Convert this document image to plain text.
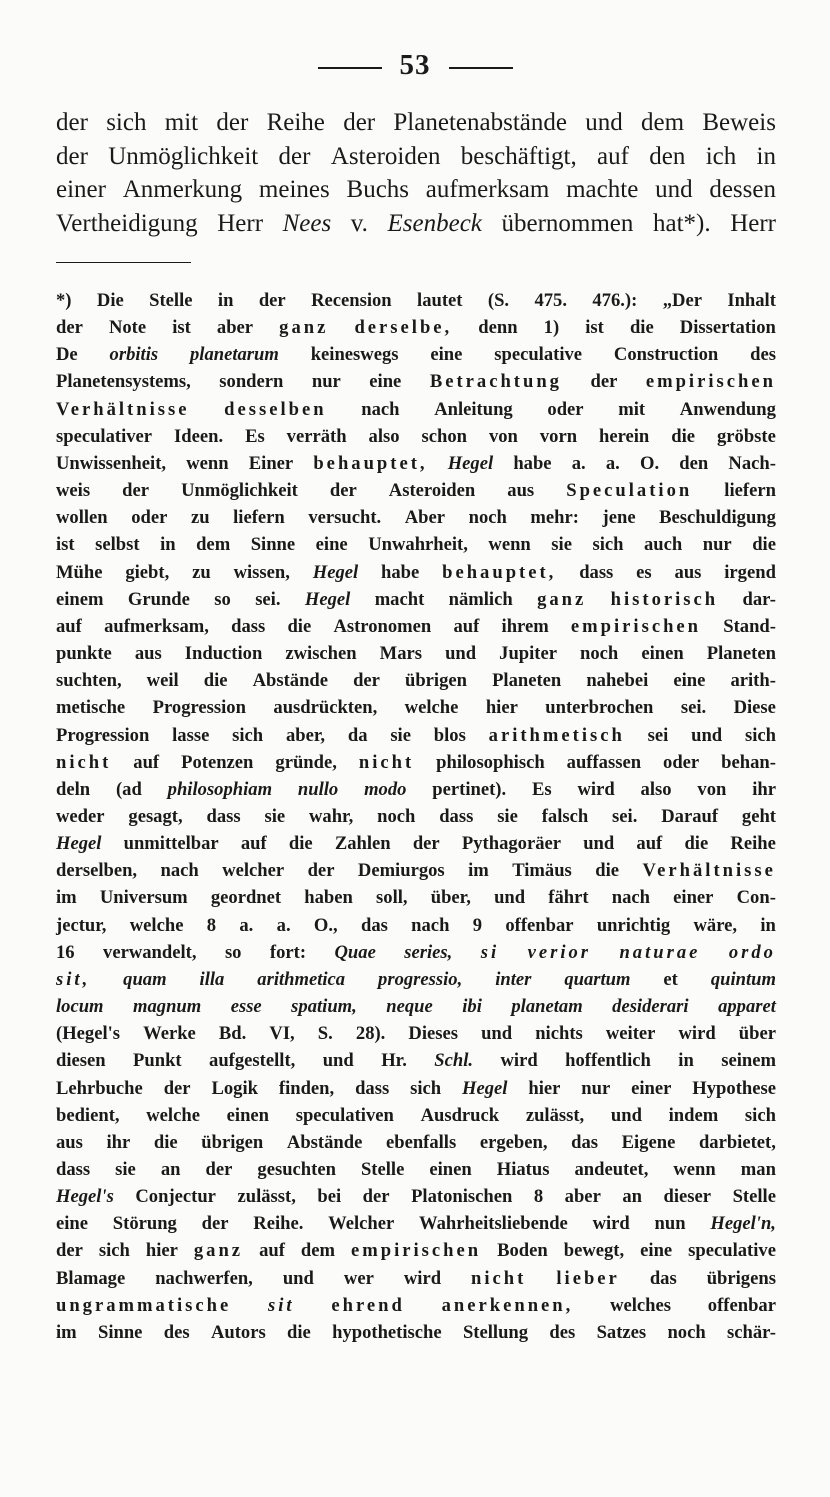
53
der sich mit der Reihe der Planetenabstände und dem Beweis
der Unmöglichkeit der Asteroiden beschäftigt, auf den ich in
einer Anmerkung meines Buchs aufmerksam machte und dessen
Vertheidigung Herr Nees v. Esenbeck übernommen hat*). Herr
*) Die Stelle in der Recension lautet (S. 475. 476.): „Der Inhalt
der Note ist aber ganz derselbe, denn 1) ist die Dissertation
De orbitis planetarum keineswegs eine speculative Construction des
Planetensystems, sondern nur eine Betrachtung der empirischen
Verhältnisse desselben nach Anleitung oder mit Anwendung
speculativer Ideen. Es verräth also schon von vorn herein die gröbste
Unwissenheit, wenn Einer behauptet, Hegel habe a. a. O. den Nach-
weis der Unmöglichkeit der Asteroiden aus Speculation liefern
wollen oder zu liefern versucht. Aber noch mehr: jene Beschuldigung
ist selbst in dem Sinne eine Unwahrheit, wenn sie sich auch nur die
Mühe giebt, zu wissen, Hegel habe behauptet, dass es aus irgend
einem Grunde so sei. Hegel macht nämlich ganz historisch dar-
auf aufmerksam, dass die Astronomen auf ihrem empirischen Stand-
punkte aus Induction zwischen Mars und Jupiter noch einen Planeten
suchten, weil die Abstände der übrigen Planeten nahebei eine arith-
metische Progression ausdrückten, welche hier unterbrochen sei. Diese
Progression lasse sich aber, da sie blos arithmetisch sei und sich
nicht auf Potenzen gründe, nicht philosophisch auffassen oder behan-
deln (ad philosophiam nullo modo pertinet). Es wird also von ihr
weder gesagt, dass sie wahr, noch dass sie falsch sei. Darauf geht
Hegel unmittelbar auf die Zahlen der Pythagoräer und auf die Reihe
derselben, nach welcher der Demiurgos im Timäus die Verhältnisse
im Universum geordnet haben soll, über, und fährt nach einer Con-
jectur, welche 8 a. a. O., das nach 9 offenbar unrichtig wäre, in
16 verwandelt, so fort: Quae series, si verior naturae ordo
sit, quam illa arithmetica progressio, inter quartum et quintum
locum magnum esse spatium, neque ibi planetam desiderari apparet
(Hegel's Werke Bd. VI, S. 28). Dieses und nichts weiter wird über
diesen Punkt aufgestellt, und Hr. Schl. wird hoffentlich in seinem
Lehrbuche der Logik finden, dass sich Hegel hier nur einer Hypothese
bedient, welche einen speculativen Ausdruck zulässt, und indem sich
aus ihr die übrigen Abstände ebenfalls ergeben, das Eigene darbietet,
dass sie an der gesuchten Stelle einen Hiatus andeutet, wenn man
Hegel's Conjectur zulässt, bei der Platonischen 8 aber an dieser Stelle
eine Störung der Reihe. Welcher Wahrheitsliebende wird nun Hegel'n,
der sich hier ganz auf dem empirischen Boden bewegt, eine speculative
Blamage nachwerfen, und wer wird nicht lieber das übrigens
ungrammatische sit ehrend anerkennen, welches offenbar
im Sinne des Autors die hypothetische Stellung des Satzes noch schär-
